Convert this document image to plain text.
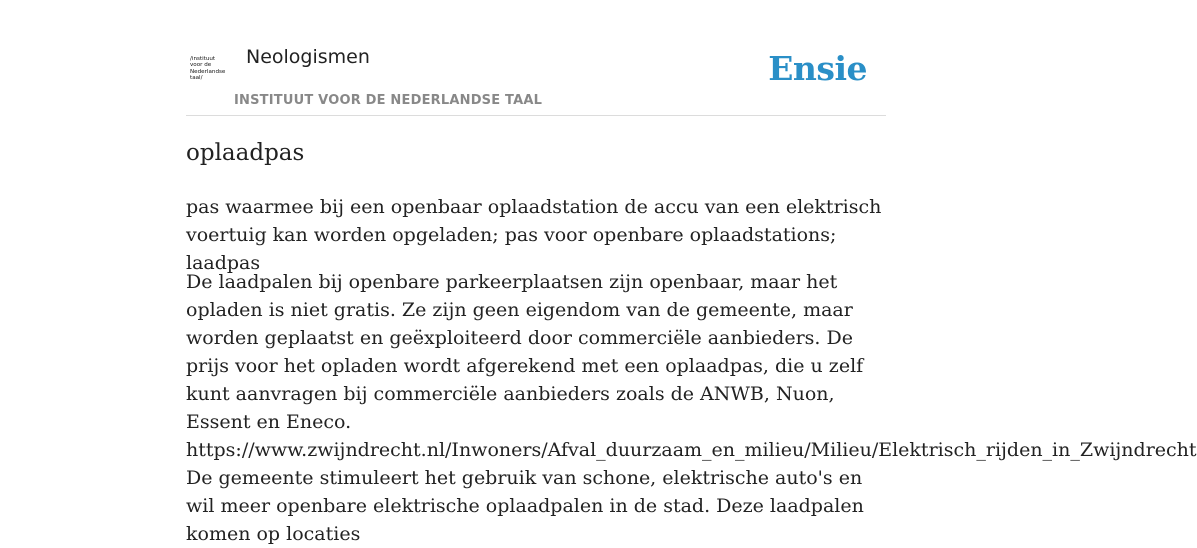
/instituut
voor de
Nederlandse
taal/
Neologismen
INSTITUUT VOOR DE NEDERLANDSE TAAL
Ensie
oplaadpas

pas waarmee bij een openbaar oplaadstation de accu van een elektrisch voertuig kan worden opgeladen; pas voor openbare oplaadstations; laadpas

De laadpalen bij openbare parkeerplaatsen zijn openbaar, maar het opladen is niet gratis. Ze zijn geen eigendom van de gemeente, maar worden geplaatst en geëxploiteerd door commerciële aanbieders. De prijs voor het opladen wordt afgerekend met een oplaadpas, die u zelf kunt aanvragen bij commerciële aanbieders zoals de ANWB, Nuon, Essent en Eneco.
https://www.zwijndrecht.nl/Inwoners/Afval_duurzaam_en_milieu/Milieu/Elektrisch_rijden_in_Zwijndrecht
De gemeente stimuleert het gebruik van schone, elektrische auto's en wil meer openbare elektrische oplaadpalen in de stad. Deze laadpalen komen op locaties
